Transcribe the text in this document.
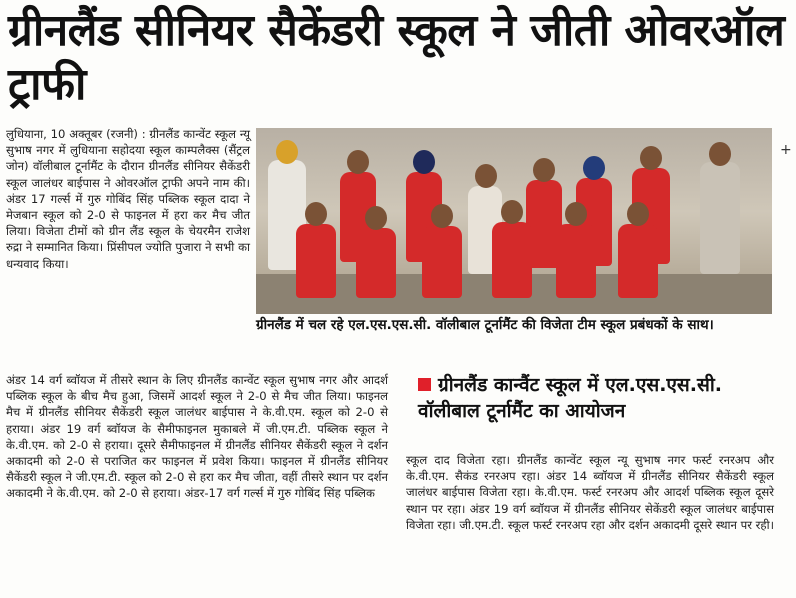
ग्रीनलैंड सीनियर सैकेंडरी स्कूल ने जीती ओवरऑल ट्राफी
लुधियाना, 10 अक्तूबर (रजनी) : ग्रीनलैंड कान्वेंट स्कूल न्यू सुभाष नगर में लुधियाना सहोदया स्कूल काम्पलैक्स (सैंट्रल जोन) वॉलीबाल टूर्नामैंट के दौरान ग्रीनलैंड सीनियर सैकेंडरी स्कूल जालंधर बाईपास ने ओवरऑल ट्राफी अपने नाम की। अंडर 17 गर्ल्स में गुरु गोबिंद सिंह पब्लिक स्कूल दादा ने मेजबान स्कूल को 2-0 से फाइनल में हरा कर मैच जीत लिया। विजेता टीमों को ग्रीन लैंड स्कूल के चेयरमैन राजेश रुद्रा ने सम्मानित किया। प्रिंसीपल ज्योति पुजारा ने सभी का धन्यवाद किया।
ग्रीनलैंड में चल रहे एल.एस.एस.सी. वॉलीबाल टूर्नामैंट की विजेता टीम स्कूल प्रबंधकों के साथ।
अंडर 14 वर्ग ब्वॉयज में तीसरे स्थान के लिए ग्रीनलैंड कान्वेंट स्कूल सुभाष नगर और आदर्श पब्लिक स्कूल के बीच मैच हुआ, जिसमें आदर्श स्कूल ने 2-0 से मैच जीत लिया। फाइनल मैच में ग्रीनलैंड सीनियर सैकेंडरी स्कूल जालंधर बाईपास ने के.वी.एम. स्कूल को 2-0 से हराया। अंडर 19 वर्ग ब्वॉयज के सैमीफाइनल मुकाबले में जी.एम.टी. पब्लिक स्कूल ने के.वी.एम. को 2-0 से हराया। दूसरे सैमीफाइनल में ग्रीनलैंड सीनियर सैकेंडरी स्कूल ने दर्शन अकादमी को 2-0 से पराजित कर फाइनल में प्रवेश किया। फाइनल में ग्रीनलैंड सीनियर सैकेंडरी स्कूल ने जी.एम.टी. स्कूल को 2-0 से हरा कर मैच जीता, वहीं तीसरे स्थान पर दर्शन अकादमी ने के.वी.एम. को 2-0 से हराया। अंडर-17 वर्ग गर्ल्स में गुरु गोबिंद सिंह पब्लिक
ग्रीनलैंड कान्वैंट स्कूल में एल.एस.एस.सी. वॉलीबाल टूर्नामैंट का आयोजन
स्कूल दाद विजेता रहा। ग्रीनलैंड कान्वेंट स्कूल न्यू सुभाष नगर फर्स्ट रनरअप और के.वी.एम. सैकंड रनरअप रहा। अंडर 14 ब्वॉयज में ग्रीनलैंड सीनियर सैकेंडरी स्कूल जालंधर बाईपास विजेता रहा। के.वी.एम. फर्स्ट रनरअप और आदर्श पब्लिक स्कूल दूसरे स्थान पर रहा। अंडर 19 वर्ग ब्वॉयज में ग्रीनलैंड सीनियर सेकेंडरी स्कूल जालंधर बाईपास विजेता रहा। जी.एम.टी. स्कूल फर्स्ट रनरअप रहा और दर्शन अकादमी दूसरे स्थान पर रही।
+
